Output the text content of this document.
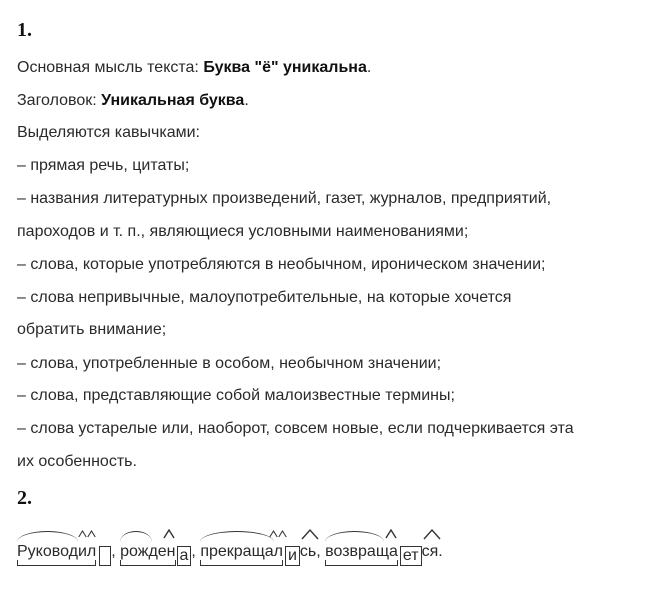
1.
Основная мысль текста: Буква "ё" уникальна.
Заголовок: Уникальная буква.
Выделяются кавычками:
– прямая речь, цитаты;
– названия литературных произведений, газет, журналов, предприятий,
пароходов и т. п., являющиеся условными наименованиями;
– слова, которые употребляются в необычном, ироническом значении;
– слова непривычные, малоупотребительные, на которые хочется
обратить внимание;
– слова, употребленные в особом, необычном значении;
– слова, представляющие собой малоизвестные термины;
– слова устарелые или, наоборот, совсем новые, если подчеркивается эта
их особенность.
2.
Руковод
ил ,
рожден а ,
прекраща
л и сь,
возвраща ет ся.
